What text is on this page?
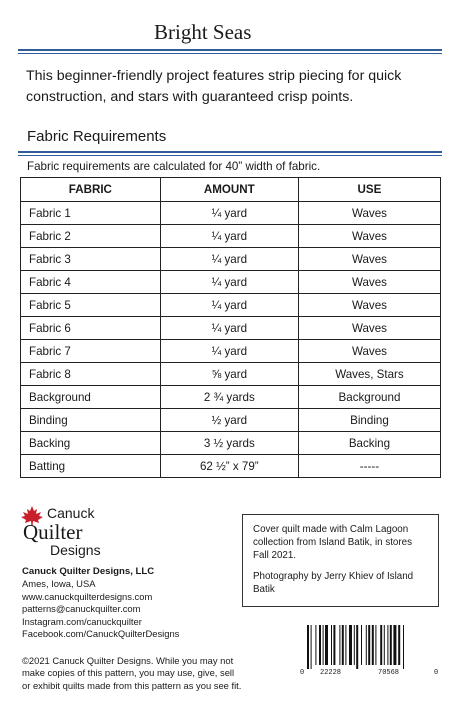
Bright Seas
This beginner-friendly project features strip piecing for quick construction, and stars with guaranteed crisp points.
Fabric Requirements
Fabric requirements are calculated for 40” width of fabric.
FABRIC	AMOUNT	USE
Fabric 1	¼ yard	Waves
Fabric 2	¼ yard	Waves
Fabric 3	¼ yard	Waves
Fabric 4	¼ yard	Waves
Fabric 5	¼ yard	Waves
Fabric 6	¼ yard	Waves
Fabric 7	¼ yard	Waves
Fabric 8	⅝ yard	Waves, Stars
Background	2 ¾ yards	Background
Binding	½ yard	Binding
Backing	3 ½ yards	Backing
Batting	62 ½” x 79”	-----
Canuck
Quilter
Designs
Canuck Quilter Designs, LLC
Ames, Iowa, USA
www.canuckquilterdesigns.com
patterns@canuckquilter.com
Instagram.com/canuckquilter
Facebook.com/CanuckQuilterDesigns

Cover quilt made with Calm Lagoon collection from Island Batik, in stores Fall 2021.

Photography by Jerry Khiev of Island Batik

©2021 Canuck Quilter Designs. While you may not make copies of this pattern, you may use, give, sell or exhibit quilts made from this pattern as you see fit.
0 22228	70568	0
